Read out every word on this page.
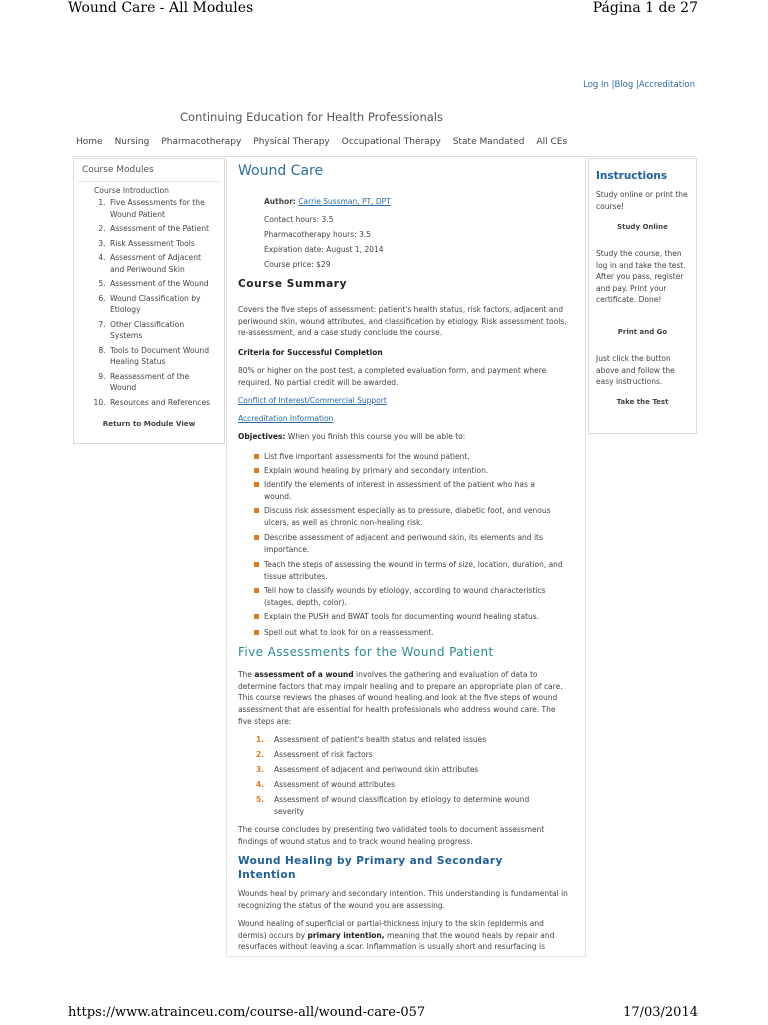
Wound Care - All Modules	Página 1 de 27
Log In |Blog |Accreditation
Continuing Education for Health Professionals
Home Nursing Pharmacotherapy Physical Therapy Occupational Therapy State Mandated All CEs
Course Modules
Course Introduction
1. Five Assessments for the Wound Patient
2. Assessment of the Patient
3. Risk Assessment Tools
4. Assessment of Adjacent and Periwound Skin
5. Assessment of the Wound
6. Wound Classification by Etiology
7. Other Classification Systems
8. Tools to Document Wound Healing Status
9. Reassessment of the Wound
10. Resources and References
Return to Module View
Wound Care
Author: Carrie Sussman, PT, DPT
Contact hours: 3.5
Pharmacotherapy hours: 3.5
Expiration date: August 1, 2014
Course price: $29
Course Summary
Covers the five steps of assessment: patient's health status, risk factors, adjacent and periwound skin, wound attributes, and classification by etiology. Risk assessment tools, re-assessment, and a case study conclude the course.
Criteria for Successful Completion
80% or higher on the post test, a completed evaluation form, and payment where required. No partial credit will be awarded.
Conflict of Interest/Commercial Support
Accreditation Information
Objectives: When you finish this course you will be able to:
List five important assessments for the wound patient.
Explain wound healing by primary and secondary intention.
Identify the elements of interest in assessment of the patient who has a wound.
Discuss risk assessment especially as to pressure, diabetic foot, and venous ulcers, as well as chronic non-healing risk.
Describe assessment of adjacent and periwound skin, its elements and its importance.
Teach the steps of assessing the wound in terms of size, location, duration, and tissue attributes.
Tell how to classify wounds by etiology, according to wound characteristics (stages, depth, color).
Explain the PUSH and BWAT tools for documenting wound healing status.
Spell out what to look for on a reassessment.
Five Assessments for the Wound Patient
The assessment of a wound involves the gathering and evaluation of data to determine factors that may impair healing and to prepare an appropriate plan of care. This course reviews the phases of wound healing and look at the five steps of wound assessment that are essential for health professionals who address wound care. The five steps are:
1. Assessment of patient's health status and related issues
2. Assessment of risk factors
3. Assessment of adjacent and periwound skin attributes
4. Assessment of wound attributes
5. Assessment of wound classification by etiology to determine wound severity
The course concludes by presenting two validated tools to document assessment findings of wound status and to track wound healing progress.
Wound Healing by Primary and Secondary Intention
Wounds heal by primary and secondary intention. This understanding is fundamental in recognizing the status of the wound you are assessing.
Wound healing of superficial or partial-thickness injury to the skin (epidermis and dermis) occurs by primary intention, meaning that the wound heals by repair and resurfaces without leaving a scar. Inflammation is usually short and resurfacing is
Instructions
Study online or print the course!
Study Online
Study the course, then log in and take the test. After you pass, register and pay. Print your certificate. Done!
Print and Go
Just click the button above and follow the easy instructions.
Take the Test
https://www.atrainceu.com/course-all/wound-care-057	17/03/2014
